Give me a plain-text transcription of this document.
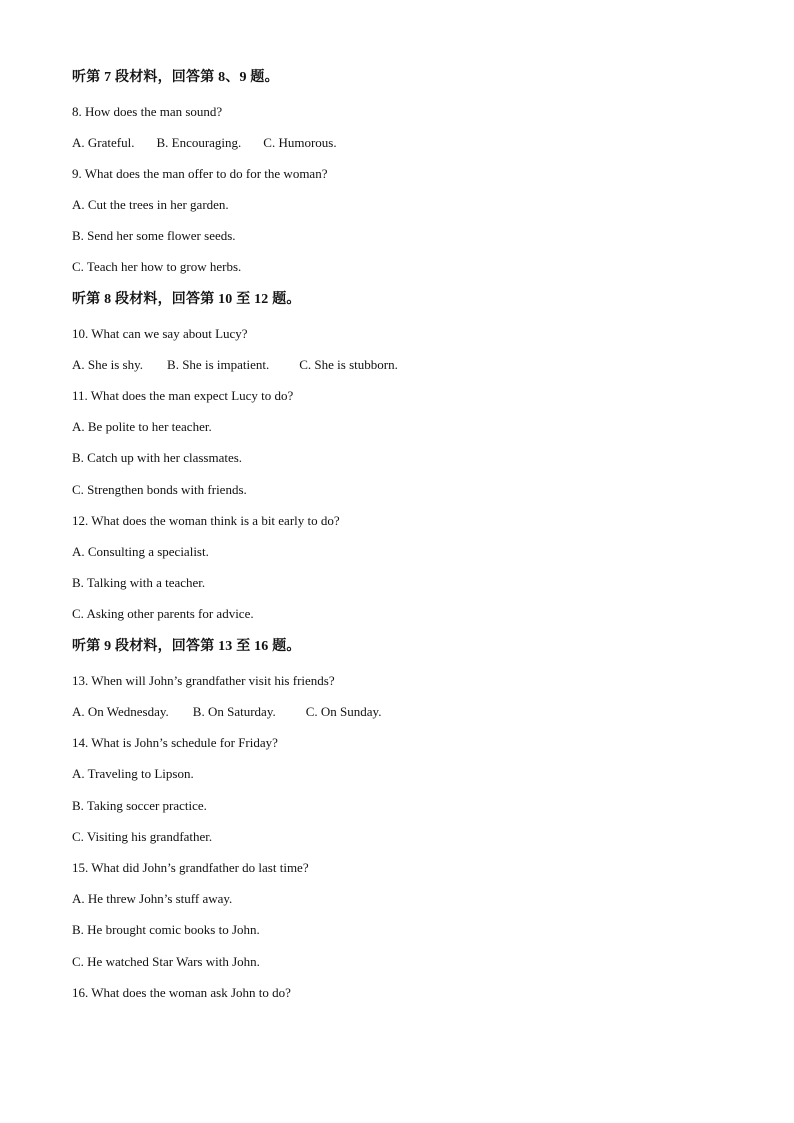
听第 7 段材料，回答第 8、9 题。
8. How does the man sound?
A. Grateful. B. Encouraging. C. Humorous.
9. What does the man offer to do for the woman?
A. Cut the trees in her garden.
B. Send her some flower seeds.
C. Teach her how to grow herbs.
听第 8 段材料，回答第 10 至 12 题。
10. What can we say about Lucy?
A. She is shy. B. She is impatient. C. She is stubborn.
11. What does the man expect Lucy to do?
A. Be polite to her teacher.
B. Catch up with her classmates.
C. Strengthen bonds with friends.
12. What does the woman think is a bit early to do?
A. Consulting a specialist.
B. Talking with a teacher.
C. Asking other parents for advice.
听第 9 段材料，回答第 13 至 16 题。
13. When will John’s grandfather visit his friends?
A. On Wednesday. B. On Saturday. C. On Sunday.
14. What is John’s schedule for Friday?
A. Traveling to Lipson.
B. Taking soccer practice.
C. Visiting his grandfather.
15. What did John’s grandfather do last time?
A. He threw John’s stuff away.
B. He brought comic books to John.
C. He watched Star Wars with John.
16. What does the woman ask John to do?
